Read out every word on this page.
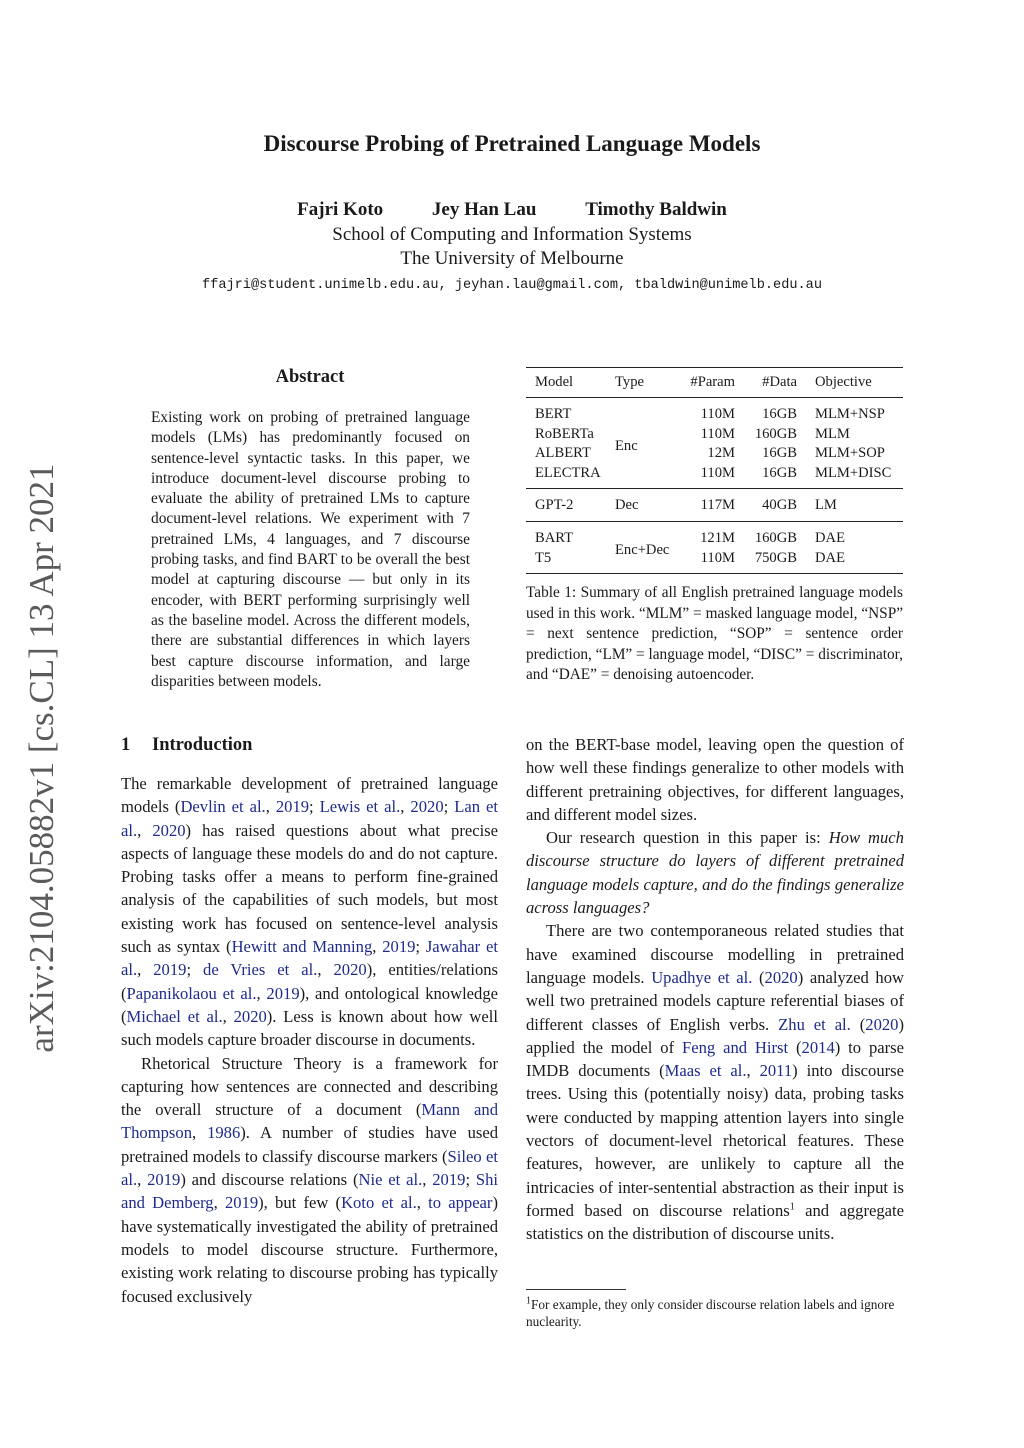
Discourse Probing of Pretrained Language Models
Fajri Koto	Jey Han Lau	Timothy Baldwin
School of Computing and Information Systems
The University of Melbourne
ffajri@student.unimelb.edu.au, jeyhan.lau@gmail.com, tbaldwin@unimelb.edu.au
arXiv:2104.05882v1 [cs.CL] 13 Apr 2021
Abstract
Existing work on probing of pretrained language models (LMs) has predominantly focused on sentence-level syntactic tasks. In this paper, we introduce document-level discourse probing to evaluate the ability of pretrained LMs to capture document-level relations. We experiment with 7 pretrained LMs, 4 languages, and 7 discourse probing tasks, and find BART to be overall the best model at capturing discourse — but only in its encoder, with BERT performing surprisingly well as the baseline model. Across the different models, there are substantial differences in which layers best capture discourse information, and large disparities between models.
1 Introduction

The remarkable development of pretrained language models (Devlin et al., 2019; Lewis et al., 2020; Lan et al., 2020) has raised questions about what precise aspects of language these models do and do not capture. Probing tasks offer a means to perform fine-grained analysis of the capabilities of such models, but most existing work has focused on sentence-level analysis such as syntax (Hewitt and Manning, 2019; Jawahar et al., 2019; de Vries et al., 2020), entities/relations (Papanikolaou et al., 2019), and ontological knowledge (Michael et al., 2020). Less is known about how well such models capture broader discourse in documents.

Rhetorical Structure Theory is a framework for capturing how sentences are connected and describing the overall structure of a document (Mann and Thompson, 1986). A number of studies have used pretrained models to classify discourse markers (Sileo et al., 2019) and discourse relations (Nie et al., 2019; Shi and Demberg, 2019), but few (Koto et al., to appear) have systematically investigated the ability of pretrained models to model discourse structure. Furthermore, existing work relating to discourse probing has typically focused exclusively

Model	Type	#Param	#Data	Objective
BERT	Enc	110M	16GB	MLM+NSP
RoBERTa		110M	160GB	MLM
ALBERT		12M	16GB	MLM+SOP
ELECTRA		110M	16GB	MLM+DISC
GPT-2	Dec	117M	40GB	LM
BART	Enc+Dec	121M	160GB	DAE
T5		110M	750GB	DAE
Table 1: Summary of all English pretrained language models used in this work. “MLM” = masked language model, “NSP” = next sentence prediction, “SOP” = sentence order prediction, “LM” = language model, “DISC” = discriminator, and “DAE” = denoising autoencoder.

on the BERT-base model, leaving open the question of how well these findings generalize to other models with different pretraining objectives, for different languages, and different model sizes.

Our research question in this paper is: How much discourse structure do layers of different pretrained language models capture, and do the findings generalize across languages?

There are two contemporaneous related studies that have examined discourse modelling in pretrained language models. Upadhye et al. (2020) analyzed how well two pretrained models capture referential biases of different classes of English verbs. Zhu et al. (2020) applied the model of Feng and Hirst (2014) to parse IMDB documents (Maas et al., 2011) into discourse trees. Using this (potentially noisy) data, probing tasks were conducted by mapping attention layers into single vectors of document-level rhetorical features. These features, however, are unlikely to capture all the intricacies of inter-sentential abstraction as their input is formed based on discourse relations$^1$ and aggregate statistics on the distribution of discourse units.

$^1$For example, they only consider discourse relation labels and ignore nuclearity.
